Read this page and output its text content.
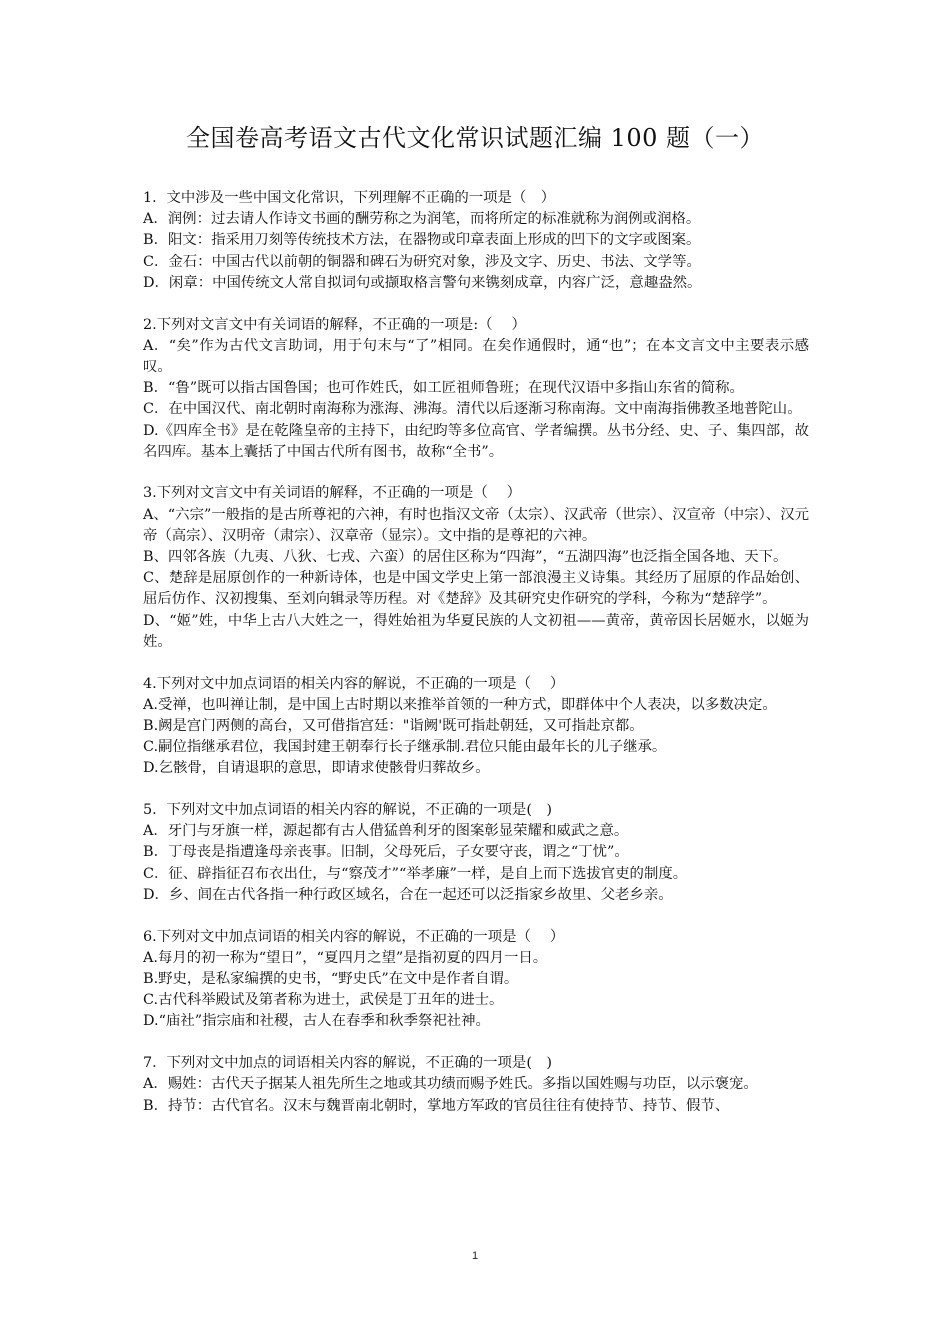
全国卷高考语文古代文化常识试题汇编 100 题（一）
1．文中涉及一些中国文化常识，下列理解不正确的一项是（　）
A．润例：过去请人作诗文书画的酬劳称之为润笔，而将所定的标准就称为润例或润格。
B．阳文：指采用刀刻等传统技术方法，在器物或印章表面上形成的凹下的文字或图案。
C．金石：中国古代以前朝的铜器和碑石为研究对象，涉及文字、历史、书法、文学等。
D．闲章：中国传统文人常自拟词句或撷取格言警句来镌刻成章，内容广泛，意趣盎然。
2.下列对文言文中有关词语的解释，不正确的一项是:（　 ）
A．“矣”作为古代文言助词，用于句末与“了”相同。在矣作通假时，通“也”；在本文言文中主要表示感叹。
B．“鲁”既可以指古国鲁国；也可作姓氏，如工匠祖师鲁班；在现代汉语中多指山东省的简称。
C．在中国汉代、南北朝时南海称为涨海、沸海。清代以后逐渐习称南海。文中南海指佛教圣地普陀山。
D.《四库全书》是在乾隆皇帝的主持下，由纪昀等多位高官、学者编撰。丛书分经、史、子、集四部，故名四库。基本上囊括了中国古代所有图书，故称“全书”。
3.下列对文言文中有关词语的解释，不正确的一项是（　 ）
A、“六宗”一般指的是古所尊祀的六神，有时也指汉文帝（太宗）、汉武帝（世宗）、汉宣帝（中宗）、汉元帝（高宗）、汉明帝（肃宗）、汉章帝（显宗）。文中指的是尊祀的六神。
B、四邻各族（九夷、八狄、七戎、六蛮）的居住区称为“四海”，“五湖四海”也泛指全国各地、天下。
C、楚辞是屈原创作的一种新诗体，也是中国文学史上第一部浪漫主义诗集。其经历了屈原的作品始创、屈后仿作、汉初搜集、至刘向辑录等历程。对《楚辞》及其研究史作研究的学科，今称为“楚辞学”。
D、“姬”姓，中华上古八大姓之一，得姓始祖为华夏民族的人文初祖——黄帝，黄帝因长居姬水，以姬为姓。
4.下列对文中加点词语的相关内容的解说，不正确的一项是（　 ）
A.受禅，也叫禅让制，是中国上古时期以来推举首领的一种方式，即群体中个人表决，以多数决定。
B.阙是宫门两侧的高台，又可借指宫廷："诣阙'既可指赴朝廷，又可指赴京都。
C.嗣位指继承君位，我国封建王朝奉行长子继承制.君位只能由最年长的儿子继承。
D.乞骸骨，自请退职的意思，即请求使骸骨归葬故乡。
5．下列对文中加点词语的相关内容的解说，不正确的一项是(　)
A．牙门与牙旗一样，源起都有古人借猛兽利牙的图案彰显荣耀和威武之意。
B．丁母丧是指遭逢母亲丧事。旧制，父母死后，子女要守丧，谓之“丁忧”。
C．征、辟指征召布衣出仕，与“察茂才”“举孝廉”一样，是自上而下选拔官吏的制度。
D．乡、闾在古代各指一种行政区域名，合在一起还可以泛指家乡故里、父老乡亲。
6.下列对文中加点词语的相关内容的解说，不正确的一项是（　 ）
A.每月的初一称为“望日”，“夏四月之望”是指初夏的四月一日。
B.野史，是私家编撰的史书，“野史氏”在文中是作者自谓。
C.古代科举殿试及第者称为进士，武侯是丁丑年的进士。
D.“庙社”指宗庙和社稷，古人在春季和秋季祭祀社神。
7．下列对文中加点的词语相关内容的解说，不正确的一项是(　)
A．赐姓：古代天子据某人祖先所生之地或其功绩而赐予姓氏。多指以国姓赐与功臣，以示褒宠。
B．持节：古代官名。汉末与魏晋南北朝时，掌地方军政的官员往往有使持节、持节、假节、
1
